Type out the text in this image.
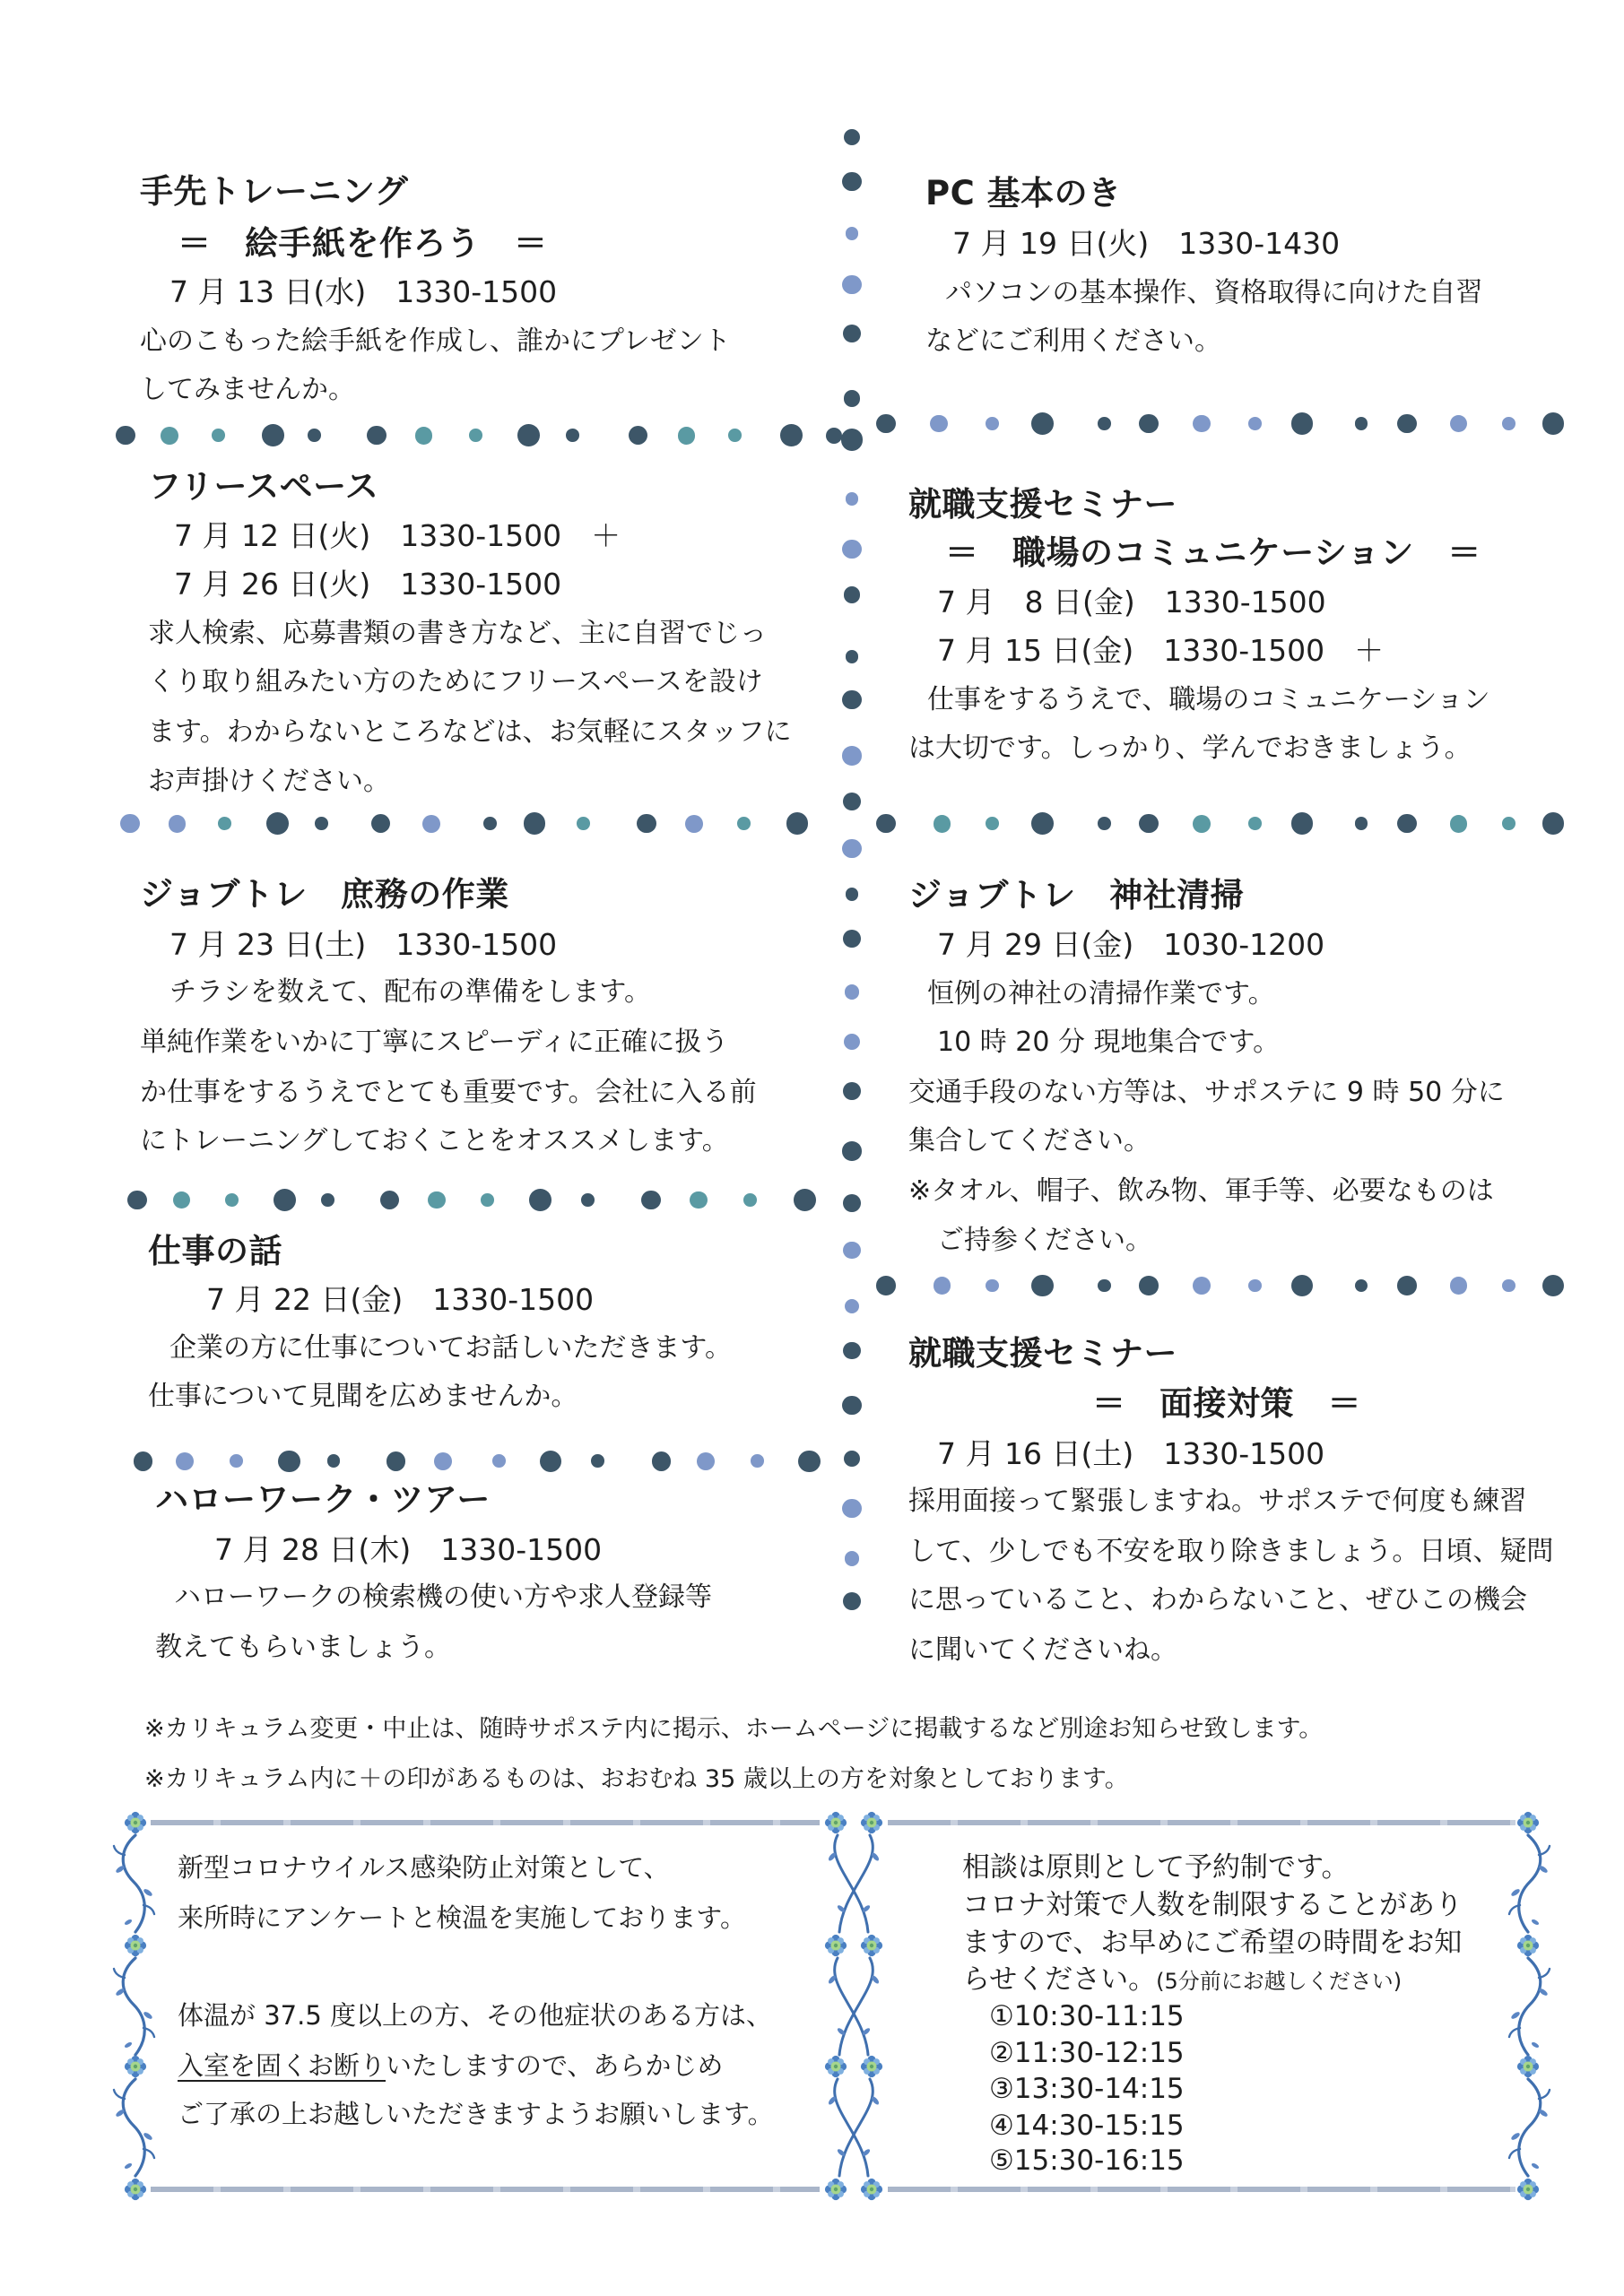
手先トレーニング
＝　絵手紙を作ろう　＝
7 月 13 日(水)　1330-1500
心のこもった絵手紙を作成し、誰かにプレゼント
してみませんか。
フリースペース
7 月 12 日(火)　1330-1500　＋
7 月 26 日(火)　1330-1500
求人検索、応募書類の書き方など、主に自習でじっ
くり取り組みたい方のためにフリースペースを設け
ます。わからないところなどは、お気軽にスタッフに
お声掛けください。
ジョブトレ　庶務の作業
7 月 23 日(土)　1330-1500
チラシを数えて、配布の準備をします。
単純作業をいかに丁寧にスピーディに正確に扱う
か仕事をするうえでとても重要です。会社に入る前
にトレーニングしておくことをオススメします。
仕事の話
7 月 22 日(金)　1330-1500
企業の方に仕事についてお話しいただきます。
仕事について見聞を広めませんか。
ハローワーク・ツアー
7 月 28 日(木)　1330-1500
ハローワークの検索機の使い方や求人登録等
教えてもらいましょう。
PC 基本のき
7 月 19 日(火)　1330-1430
パソコンの基本操作、資格取得に向けた自習
などにご利用ください。
就職支援セミナー
＝　職場のコミュニケーション　＝
7 月　8 日(金)　1330-1500
7 月 15 日(金)　1330-1500　＋
仕事をするうえで、職場のコミュニケーション
は大切です。しっかり、学んでおきましょう。
ジョブトレ　神社清掃
7 月 29 日(金)　1030-1200
恒例の神社の清掃作業です。
10 時 20 分 現地集合です。
交通手段のない方等は、サポステに 9 時 50 分に
集合してください。
※タオル、帽子、飲み物、軍手等、必要なものは
ご持参ください。
就職支援セミナー
＝　面接対策　＝
7 月 16 日(土)　1330-1500
採用面接って緊張しますね。サポステで何度も練習
して、少しでも不安を取り除きましょう。日頃、疑問
に思っていること、わからないこと、ぜひこの機会
に聞いてくださいね。
※カリキュラム変更・中止は、随時サポステ内に掲示、ホームページに掲載するなど別途お知らせ致します。
※カリキュラム内に＋の印があるものは、おおむね 35 歳以上の方を対象としております。
新型コロナウイルス感染防止対策として、
来所時にアンケートと検温を実施しております。
体温が 37.5 度以上の方、その他症状のある方は、
入室を固くお断りいたしますので、あらかじめ
ご了承の上お越しいただきますようお願いします。
相談は原則として予約制です。
コロナ対策で人数を制限することがあり
ますので、お早めにご希望の時間をお知
らせください。(5分前にお越しください)
①10:30-11:15
②11:30-12:15
③13:30-14:15
④14:30-15:15
⑤15:30-16:15
